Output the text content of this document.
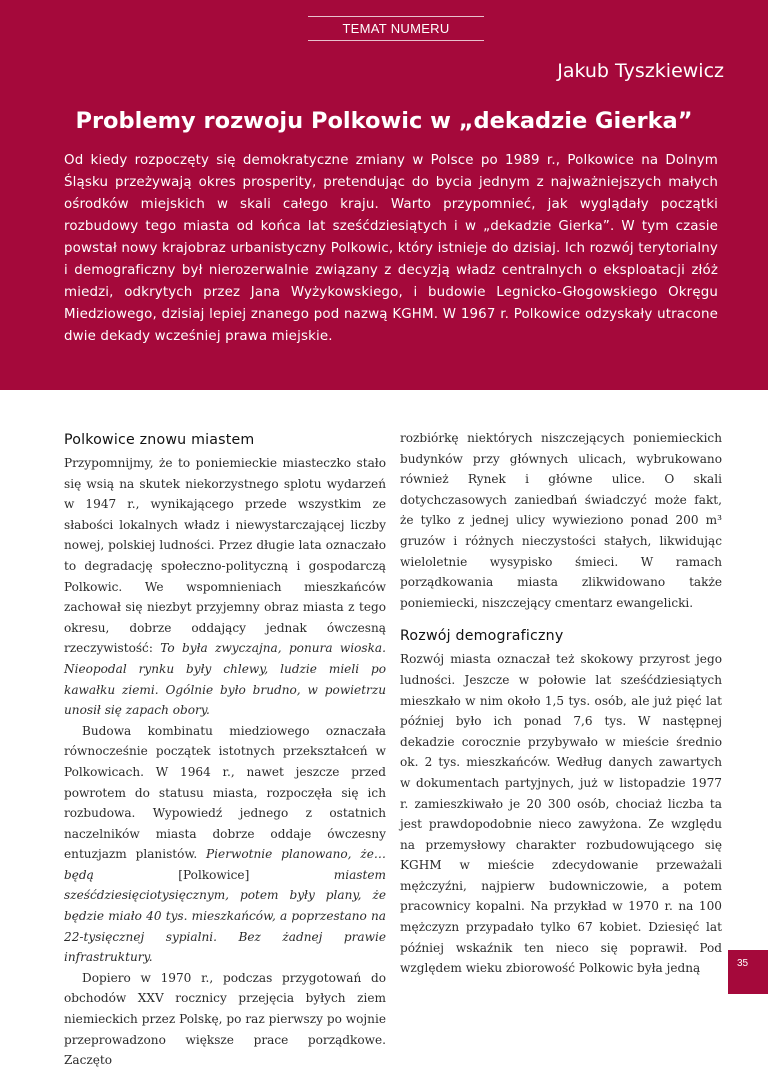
TEMAT NUMERU
Jakub Tyszkiewicz
Problemy rozwoju Polkowic w „dekadzie Gierka”

Od kiedy rozpoczęty się demokratyczne zmiany w Polsce po 1989 r., Polkowice na Dolnym Śląsku przeżywają okres prosperity, pretendując do bycia jednym z najważniejszych małych ośrodków miejskich w skali całego kraju. Warto przypomnieć, jak wyglądały początki rozbudowy tego miasta od końca lat sześćdziesiątych i w „dekadzie Gierka”. W tym czasie powstał nowy krajobraz urbanistyczny Polkowic, który istnieje do dzisiaj. Ich rozwój terytorialny i demograficzny był nierozerwalnie związany z decyzją władz centralnych o eksploatacji złóż miedzi, odkrytych przez Jana Wyżykowskiego, i budowie Legnicko-Głogowskiego Okręgu Miedziowego, dzisiaj lepiej znanego pod nazwą KGHM. W 1967 r. Polkowice odzyskały utracone dwie dekady wcześniej prawa miejskie.

Polkowice znowu miastem

Przypomnijmy, że to poniemieckie miasteczko stało się wsią na skutek niekorzystnego splotu wydarzeń w 1947 r., wynikającego przede wszystkim ze słabości lokalnych władz i niewystarczającej liczby nowej, polskiej ludności. Przez długie lata oznaczało to degradację społeczno-polityczną i gospodarczą Polkowic. We wspomnieniach mieszkańców zachował się niezbyt przyjemny obraz miasta z tego okresu, dobrze oddający jednak ówczesną rzeczywistość: To była zwyczajna, ponura wioska. Nieopodal rynku były chlewy, ludzie mieli po kawałku ziemi. Ogólnie było brudno, w powietrzu unosił się zapach obory.

Budowa kombinatu miedziowego oznaczała równocześnie początek istotnych przekształceń w Polkowicach. W 1964 r., nawet jeszcze przed powrotem do statusu miasta, rozpoczęła się ich rozbudowa. Wypowiedź jednego z ostatnich naczelników miasta dobrze oddaje ówczesny entuzjazm planistów. Pierwotnie planowano, że… będą [Polkowice] miastem sześćdziesięciotysięcznym, potem były plany, że będzie miało 40 tys. mieszkańców, a poprzestano na 22-tysięcznej sypialni. Bez żadnej prawie infrastruktury.

Dopiero w 1970 r., podczas przygotowań do obchodów XXV rocznicy przejęcia byłych ziem niemieckich przez Polskę, po raz pierwszy po wojnie przeprowadzono większe prace porządkowe. Zaczęto

rozbiórkę niektórych niszczejących poniemieckich budynków przy głównych ulicach, wybrukowano również Rynek i główne ulice. O skali dotychczasowych zaniedbań świadczyć może fakt, że tylko z jednej ulicy wywieziono ponad 200 m³ gruzów i różnych nieczystości stałych, likwidując wieloletnie wysypisko śmieci. W ramach porządkowania miasta zlikwidowano także poniemiecki, niszczejący cmentarz ewangelicki.

Rozwój demograficzny

Rozwój miasta oznaczał też skokowy przyrost jego ludności. Jeszcze w połowie lat sześćdziesiątych mieszkało w nim około 1,5 tys. osób, ale już pięć lat później było ich ponad 7,6 tys. W następnej dekadzie corocznie przybywało w mieście średnio ok. 2 tys. mieszkańców. Według danych zawartych w dokumentach partyjnych, już w listopadzie 1977 r. zamieszkiwało je 20 300 osób, chociaż liczba ta jest prawdopodobnie nieco zawyżona. Ze względu na przemysłowy charakter rozbudowującego się KGHM w mieście zdecydowanie przeważali mężczyźni, najpierw budowniczowie, a potem pracownicy kopalni. Na przykład w 1970 r. na 100 mężczyzn przypadało tylko 67 kobiet. Dziesięć lat później wskaźnik ten nieco się poprawił. Pod względem wieku zbiorowość Polkowic była jedną	35
